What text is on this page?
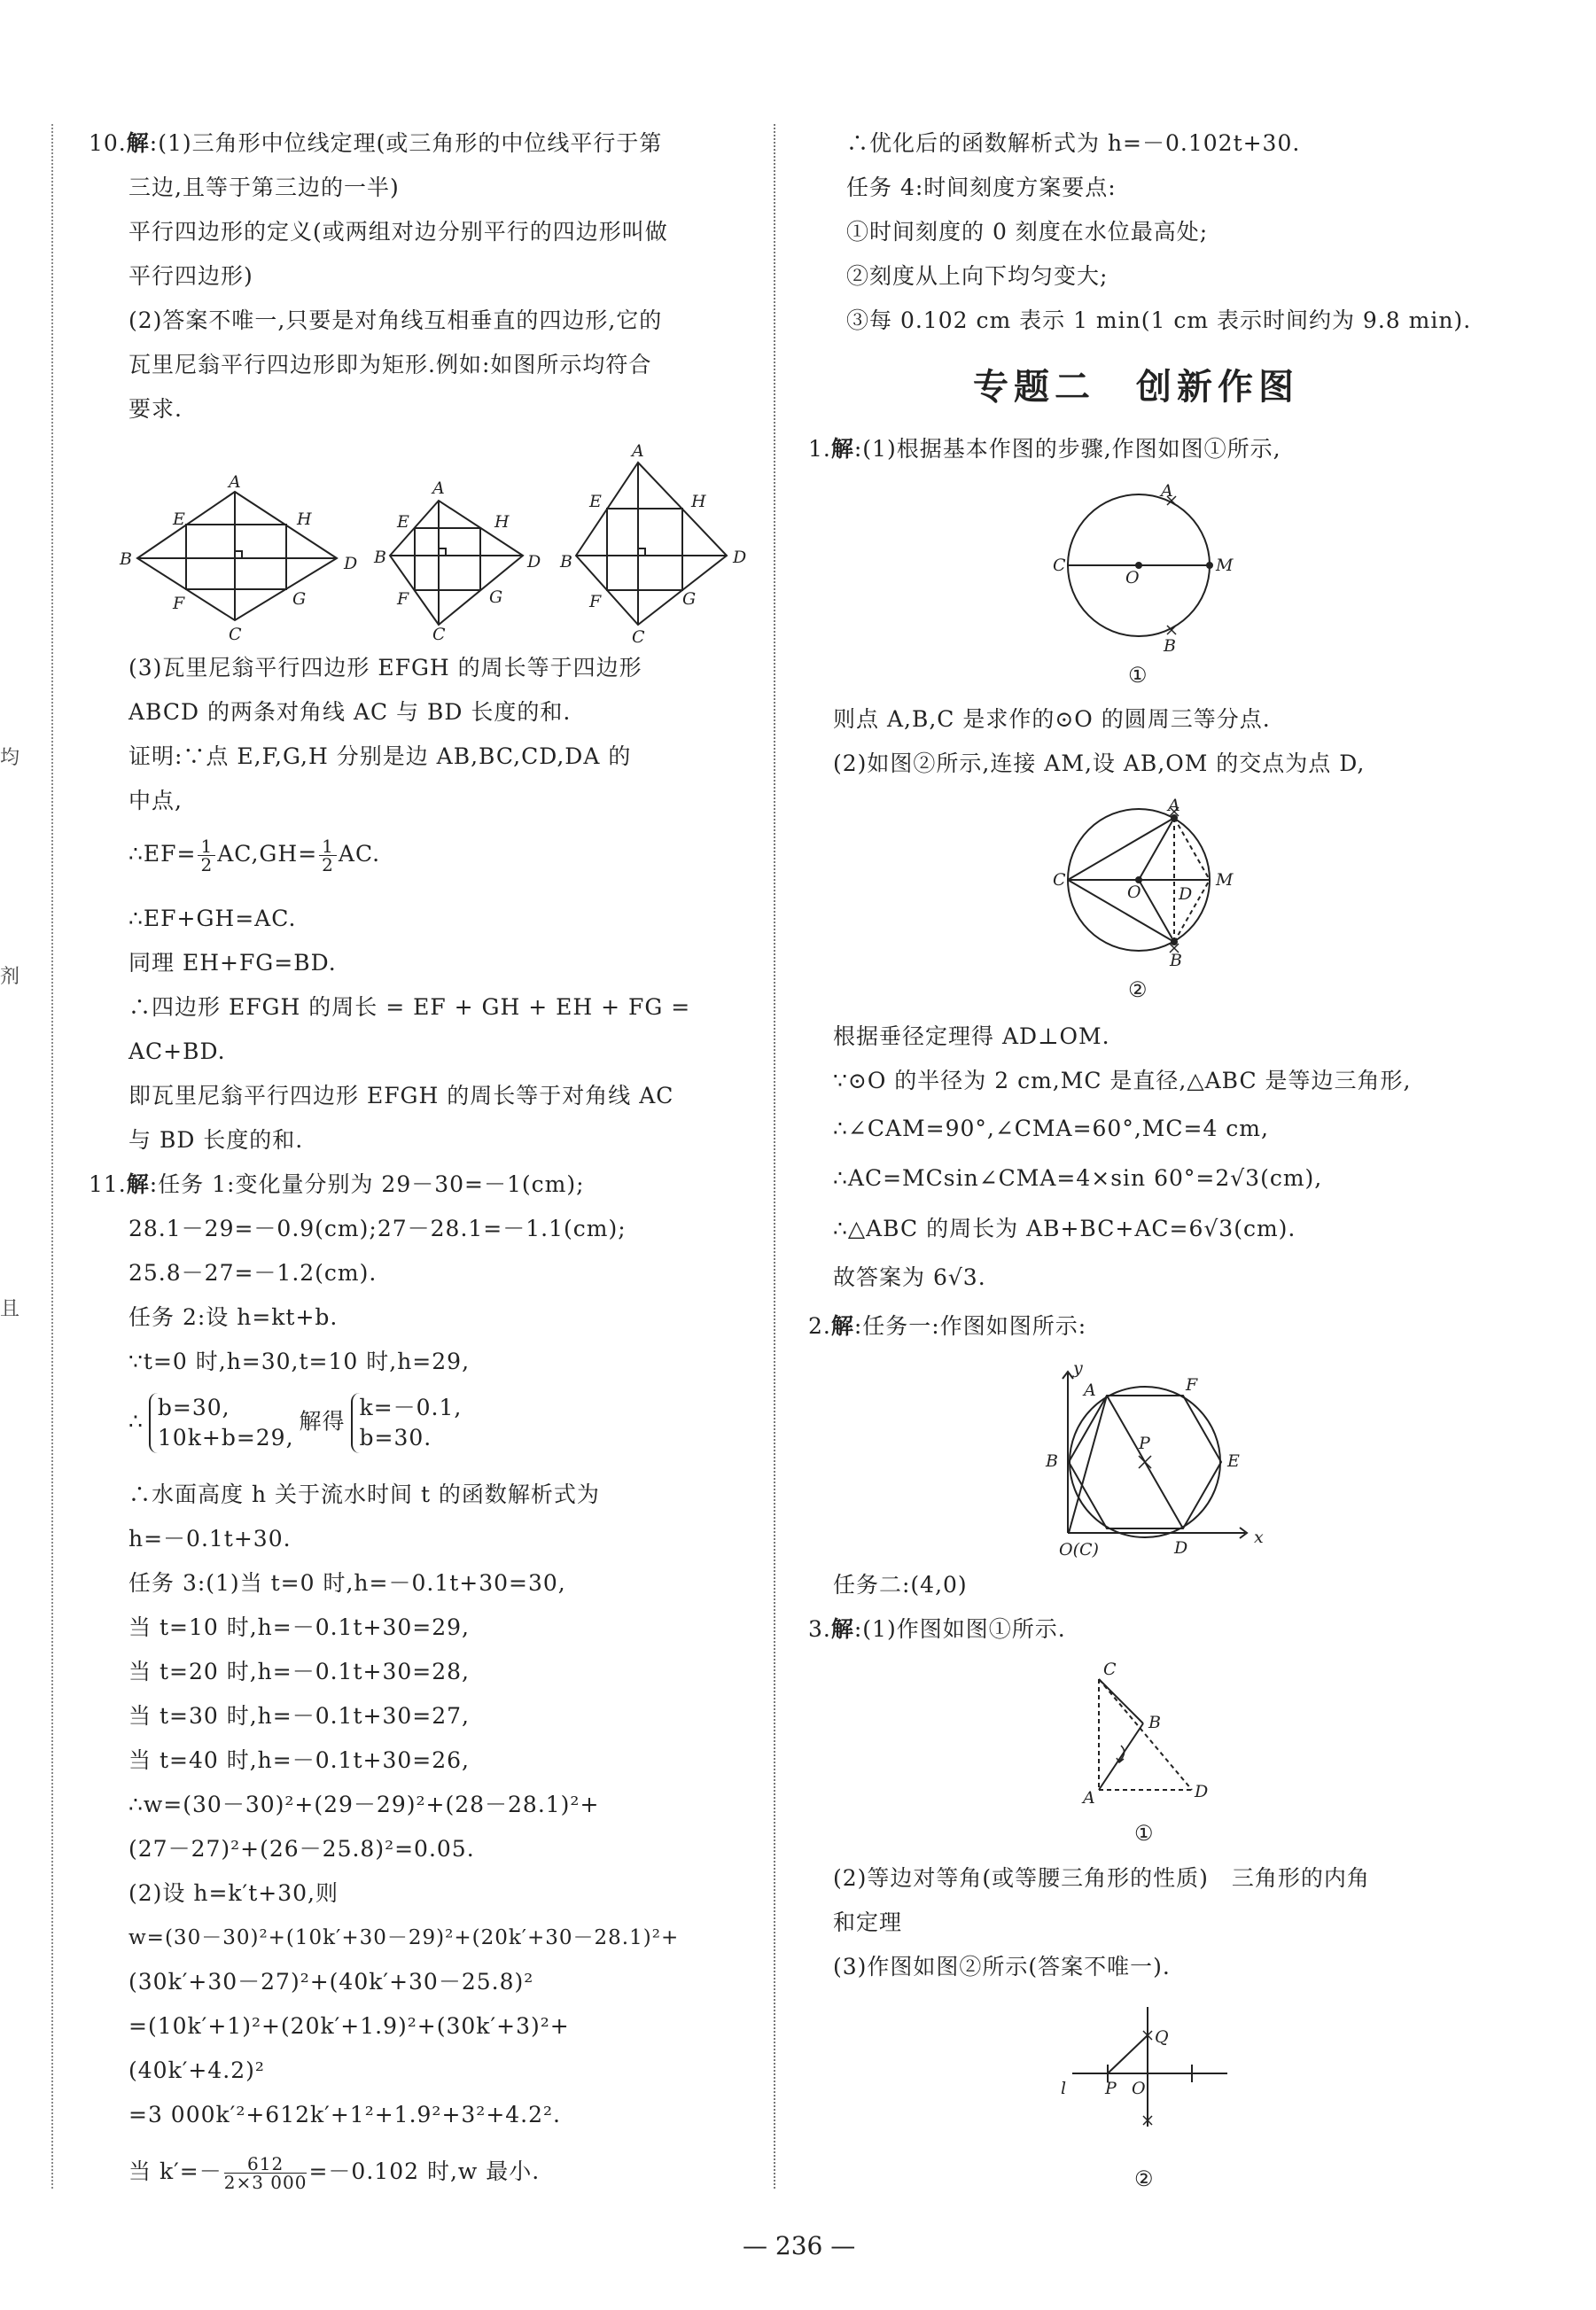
均
剂
且
10.解:(1)三角形中位线定理(或三角形的中位线平行于第
三边,且等于第三边的一半)
平行四边形的定义(或两组对边分别平行的四边形叫做
平行四边形)
(2)答案不唯一,只要是对角线互相垂直的四边形,它的
瓦里尼翁平行四边形即为矩形.例如:如图所示均符合
要求.
A
E	H
B	D
F	G
C
A
E	H
B	D
F	G
C
A
E	H
B	D
F	G
C
(3)瓦里尼翁平行四边形 EFGH 的周长等于四边形
ABCD 的两条对角线 AC 与 BD 长度的和.
证明:∵点 E,F,G,H 分别是边 AB,BC,CD,DA 的
中点,
∴EF= $\frac{1}{2} AC,GH= \frac{1}{2}$ AC.
∴EF+GH=AC.
同理 EH+FG=BD.
∴四边形 EFGH 的周长 = EF + GH + EH + FG =
AC+BD.
即瓦里尼翁平行四边形 EFGH 的周长等于对角线 AC
与 BD 长度的和.
11.解:任务 1:变化量分别为 29－30=－1(cm);
28.1－29=－0.9(cm);27－28.1=－1.1(cm);
25.8－27=－1.2(cm).
任务 2:设 h=kt+b.
∵t=0 时,h=30,t=10 时,h=29,
∴
b=30,
10k+b=29,
解得
k=－0.1,
b=30.
∴水面高度 h 关于流水时间 t 的函数解析式为
h=－0.1t+30.
任务 3:(1)当 t=0 时,h=－0.1t+30=30,
当 t=10 时,h=－0.1t+30=29,
当 t=20 时,h=－0.1t+30=28,
当 t=30 时,h=－0.1t+30=27,
当 t=40 时,h=－0.1t+30=26,
∴w=(30－30)²+(29－29)²+(28－28.1)²+
(27－27)²+(26－25.8)²=0.05.
(2)设 h=k′t+30,则
w=(30－30)²+(10k′+30－29)²+(20k′+30－28.1)²+
(30k′+30－27)²+(40k′+30－25.8)²
=(10k′+1)²+(20k′+1.9)²+(30k′+3)²+
(40k′+4.2)²
=3 000k′²+612k′+1²+1.9²+3²+4.2².
当 $k'=- \frac{612}{2\times 3 000} =-0.102$ 时,w 最小.
∴优化后的函数解析式为 h=－0.102t+30.
任务 4:时间刻度方案要点:
①时间刻度的 0 刻度在水位最高处;
②刻度从上向下均匀变大;
③每 0.102 cm 表示 1 min(1 cm 表示时间约为 9.8 min).
专题二　创新作图
1.解:(1)根据基本作图的步骤,作图如图①所示,
A
C
O
M
B
①
则点 A,B,C 是求作的⊙O 的圆周三等分点.
(2)如图②所示,连接 AM,设 AB,OM 的交点为点 D,
A
C
O D
M
B
②
根据垂径定理得 AD⊥OM.
∵⊙O 的半径为 2 cm,MC 是直径,△ABC 是等边三角形,
∴∠CAM=90°,∠CMA=60°,MC=4 cm,
∴AC=MCsin∠CMA=4×sin 60°=2√3(cm),
∴△ABC 的周长为 AB+BC+AC=6√3(cm).
故答案为 6√3.
2.解:任务一:作图如图所示:
y
x
A	F
B	E
P
O(C)	D
任务二:(4,0)
3.解:(1)作图如图①所示.
C
B
A	D
①
(2)等边对等角(或等腰三角形的性质)　三角形的内角
和定理
(3)作图如图②所示(答案不唯一).
l P O
Q
②
— 236 —
